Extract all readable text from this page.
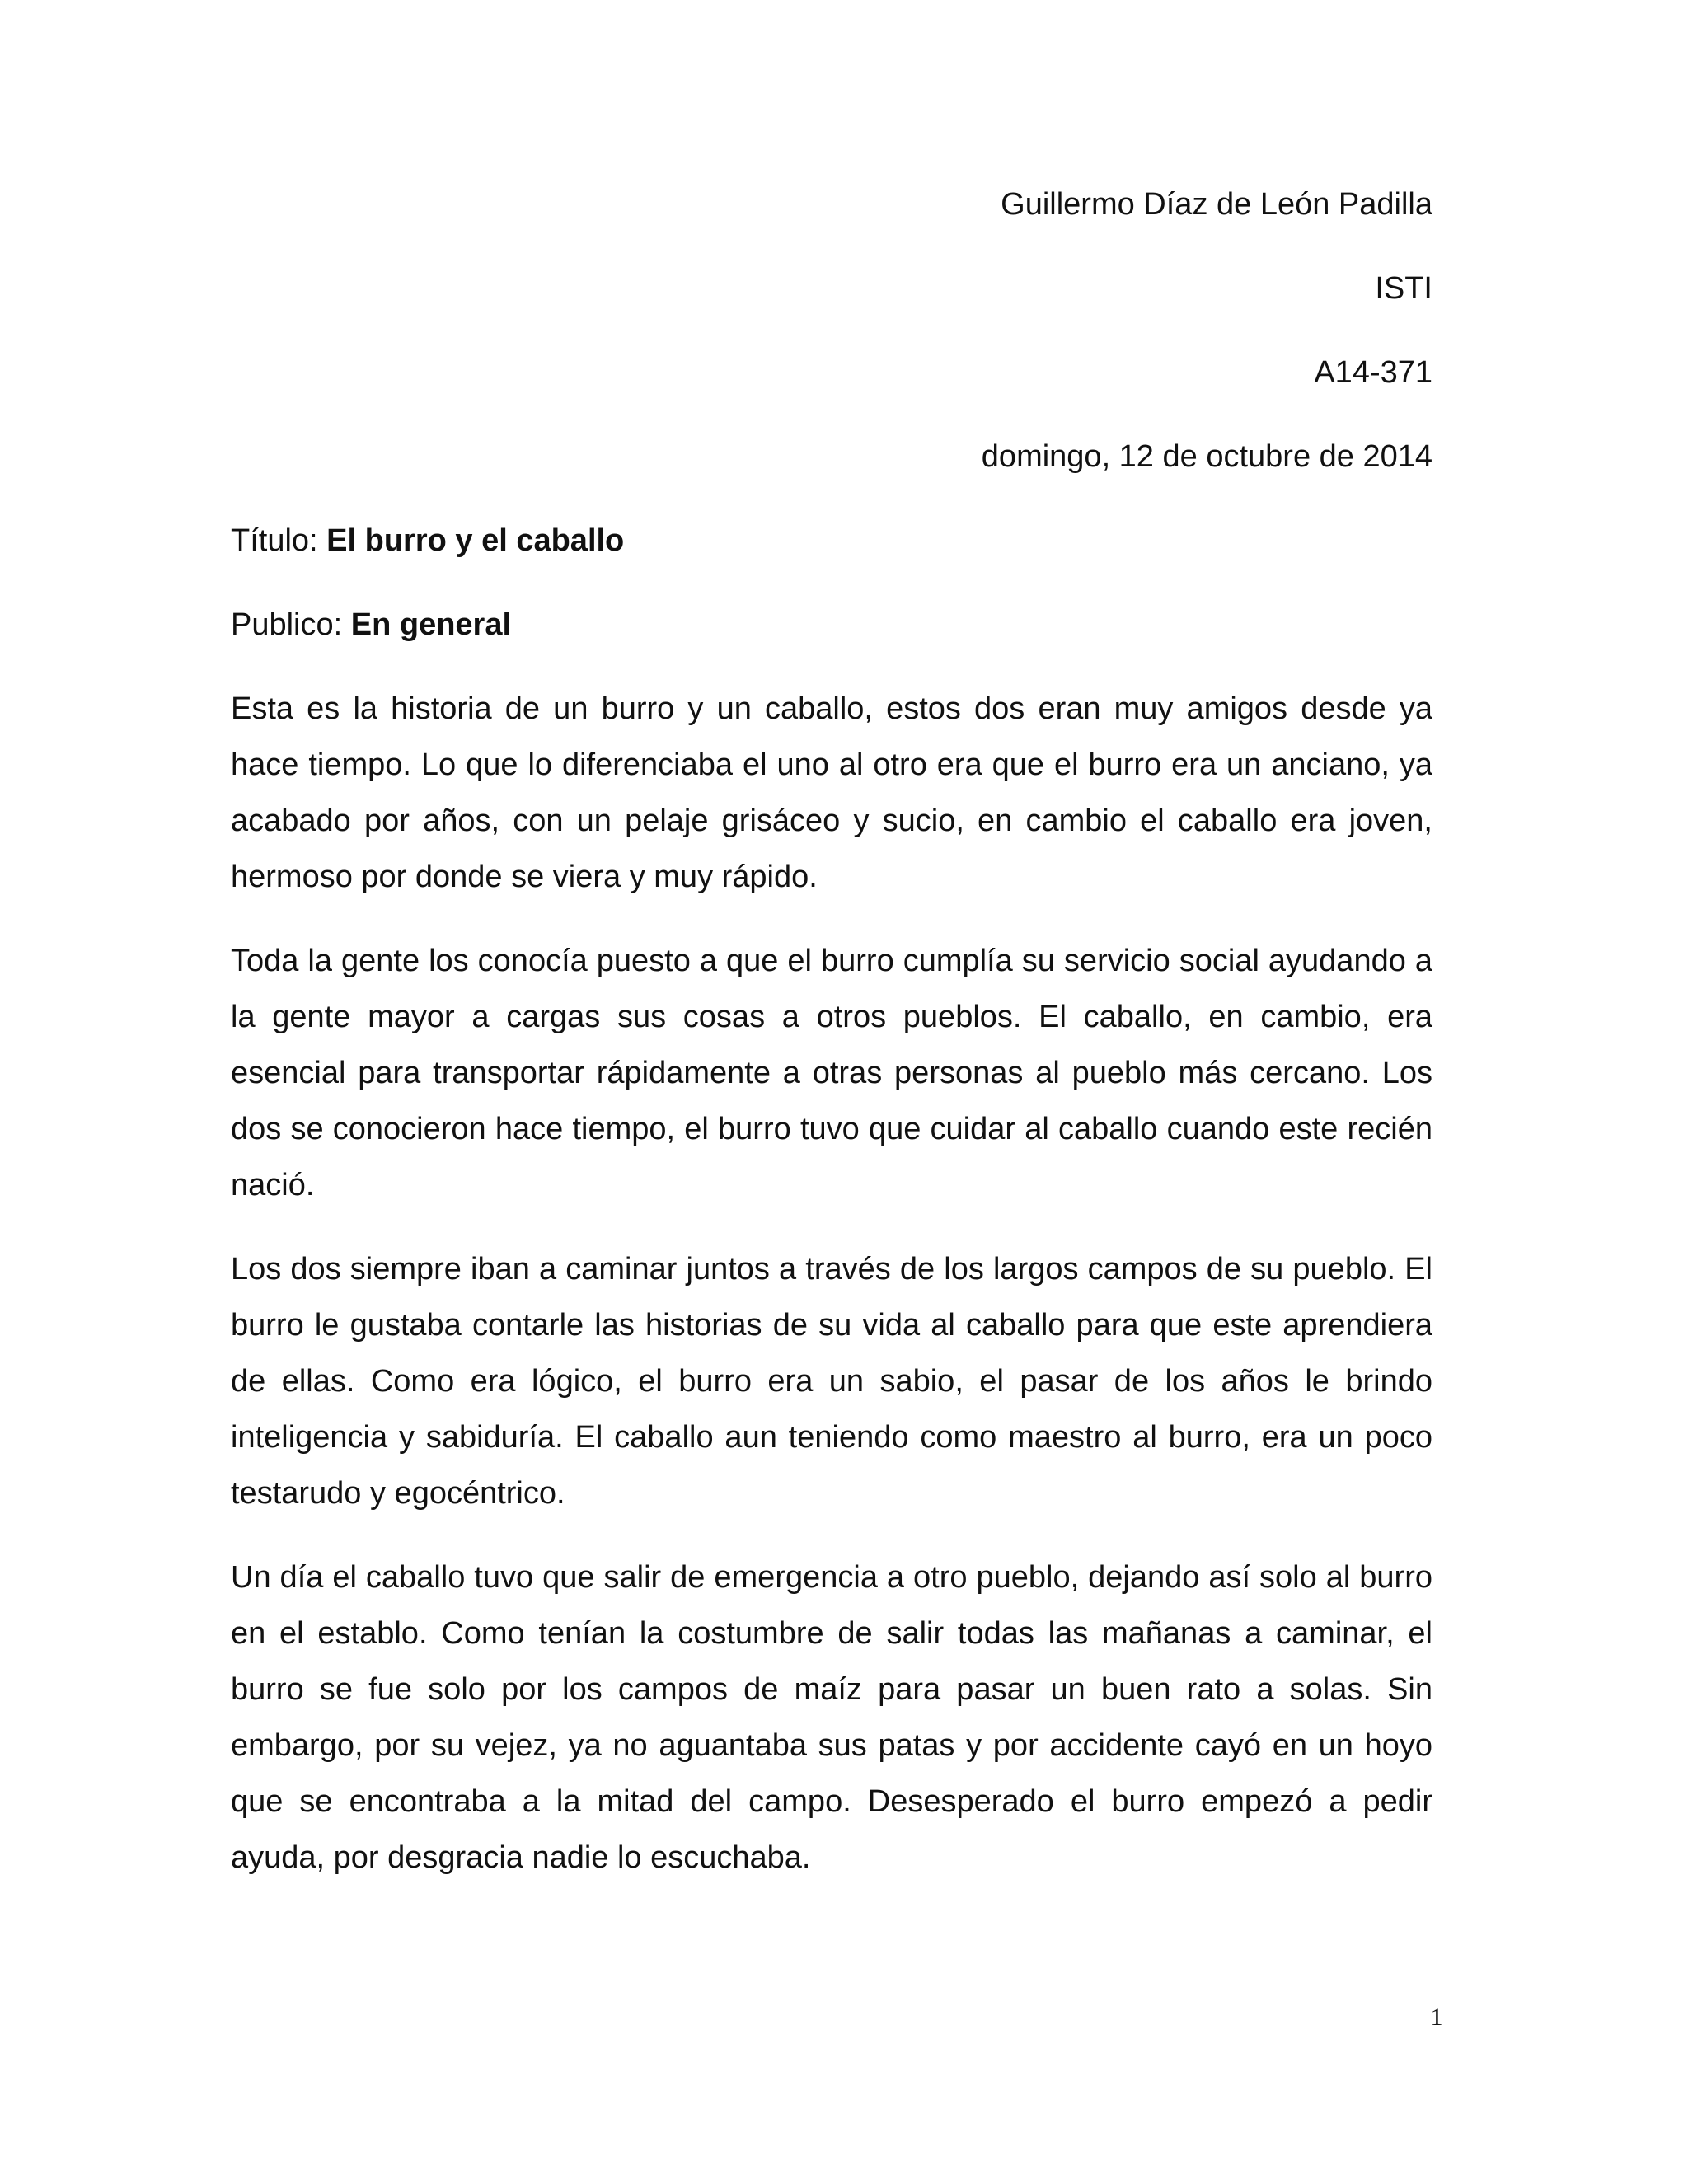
Guillermo Díaz de León Padilla
ISTI
A14-371
domingo, 12 de octubre de 2014
Título: El burro y el caballo
Publico: En general

Esta es la historia de un burro y un caballo, estos dos eran muy amigos desde ya hace tiempo. Lo que lo diferenciaba el uno al otro era que el burro era un anciano, ya acabado por años, con un pelaje grisáceo y sucio, en cambio el caballo era joven, hermoso por donde se viera y muy rápido.

Toda la gente los conocía puesto a que el burro cumplía su servicio social ayudando a la gente mayor a cargas sus cosas a otros pueblos. El caballo, en cambio, era esencial para transportar rápidamente a otras personas al pueblo más cercano. Los dos se conocieron hace tiempo, el burro tuvo que cuidar al caballo cuando este recién nació.

Los dos siempre iban a caminar juntos a través de los largos campos de su pueblo. El burro le gustaba contarle las historias de su vida al caballo para que este aprendiera de ellas. Como era lógico, el burro era un sabio, el pasar de los años le brindo inteligencia y sabiduría. El caballo aun teniendo como maestro al burro, era un poco testarudo y egocéntrico.

Un día el caballo tuvo que salir de emergencia a otro pueblo, dejando así solo al burro en el establo. Como tenían la costumbre de salir todas las mañanas a caminar, el burro se fue solo por los campos de maíz para pasar un buen rato a solas. Sin embargo, por su vejez, ya no aguantaba sus patas y por accidente cayó en un hoyo que se encontraba a la mitad del campo. Desesperado el burro empezó a pedir ayuda, por desgracia nadie lo escuchaba.

1
